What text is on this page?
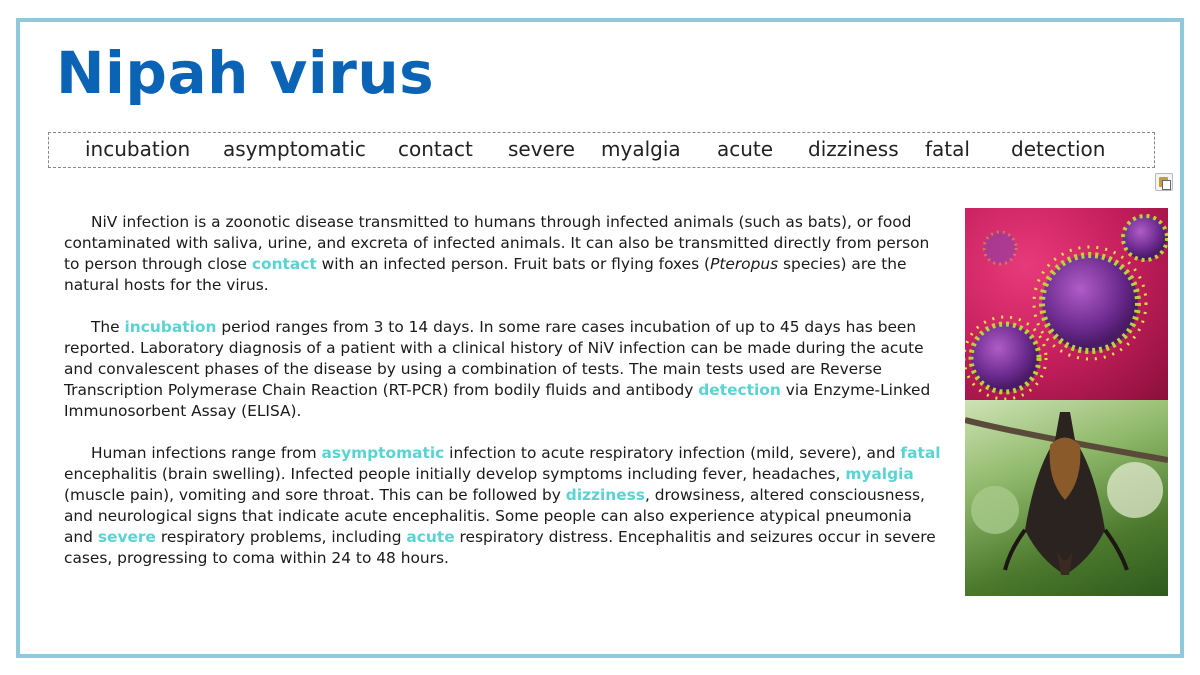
Nipah virus
incubation asymptomatic contact severe myalgia acute dizziness fatal detection

NiV infection is a zoonotic disease transmitted to humans through infected animals (such as bats), or food contaminated with saliva, urine, and excreta of infected animals. It can also be transmitted directly from person to person through close contact with an infected person. Fruit bats or flying foxes (Pteropus species) are the natural hosts for the virus.

The incubation period ranges from 3 to 14 days. In some rare cases incubation of up to 45 days has been reported. Laboratory diagnosis of a patient with a clinical history of NiV infection can be made during the acute and convalescent phases of the disease by using a combination of tests. The main tests used are Reverse Transcription Polymerase Chain Reaction (RT-PCR) from bodily fluids and antibody detection via Enzyme-Linked Immunosorbent Assay (ELISA).

Human infections range from asymptomatic infection to acute respiratory infection (mild, severe), and fatal encephalitis (brain swelling). Infected people initially develop symptoms including fever, headaches, myalgia (muscle pain), vomiting and sore throat. This can be followed by dizziness, drowsiness, altered consciousness, and neurological signs that indicate acute encephalitis. Some people can also experience atypical pneumonia and severe respiratory problems, including acute respiratory distress. Encephalitis and seizures occur in severe cases, progressing to coma within 24 to 48 hours.
